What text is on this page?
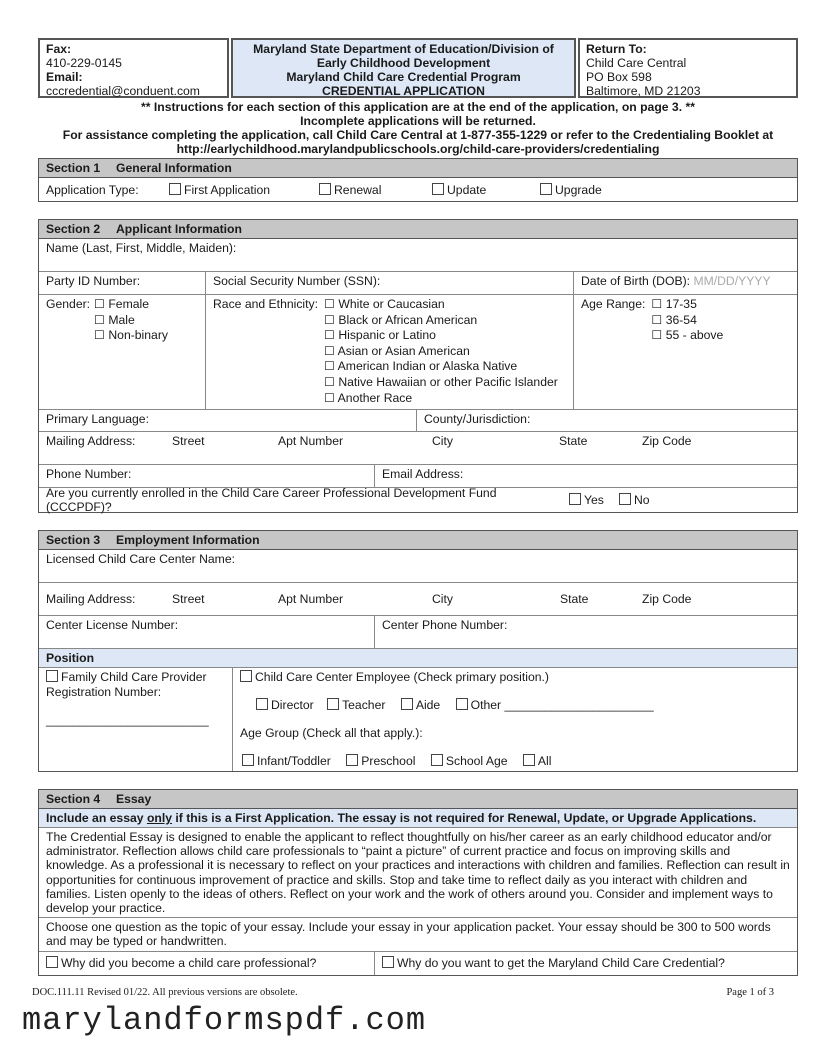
Fax:
410-229-0145
Email:
cccredential@conduent.com
Maryland State Department of Education/Division of
Early Childhood Development
Maryland Child Care Credential Program
CREDENTIAL APPLICATION
Return To:
Child Care Central
PO Box 598
Baltimore, MD 21203
** Instructions for each section of this application are at the end of the application, on page 3. **
Incomplete applications will be returned.
For assistance completing the application, call Child Care Central at 1-877-355-1229 or refer to the Credentialing Booklet at
http://earlychildhood.marylandpublicschools.org/child-care-providers/credentialing
Section 1 General Information
Application Type:	First Application	Renewal	Update	Upgrade
Section 2 Applicant Information
Name (Last, First, Middle, Maiden):
Party ID Number:	Social Security Number (SSN):	Date of Birth (DOB): MM/DD/YYYY
Gender: ☐ Female
☐ Male
☐ Non-binary
Race and Ethnicity: ☐ White or Caucasian
☐ Black or African American
☐ Hispanic or Latino
☐ Asian or Asian American
☐ American Indian or Alaska Native
☐ Native Hawaiian or other Pacific Islander
☐ Another Race
Age Range: ☐ 17-35
☐ 36-54
☐ 55 - above
Primary Language:	County/Jurisdiction:
Mailing Address:	Street	Apt Number	City	State	Zip Code
Phone Number:	Email Address:
Are you currently enrolled in the Child Care Career Professional Development Fund (CCCPDF)?	Yes	No
Section 3 Employment Information
Licensed Child Care Center Name:
Mailing Address:	Street	Apt Number	City	State	Zip Code
Center License Number:	Center Phone Number:
Position
Family Child Care Provider
Registration Number:
________________________
Child Care Center Employee (Check primary position.)
Director Teacher Aide Other ______________________
Age Group (Check all that apply.):
Infant/Toddler Preschool School Age All
Section 4 Essay
Include an essay only if this is a First Application. The essay is not required for Renewal, Update, or Upgrade Applications.
The Credential Essay is designed to enable the applicant to reflect thoughtfully on his/her career as an early childhood educator and/or administrator. Reflection allows child care professionals to “paint a picture” of current practice and focus on improving skills and knowledge. As a professional it is necessary to reflect on your practices and interactions with children and families. Reflection can result in opportunities for continuous improvement of practice and skills. Stop and take time to reflect daily as you interact with children and families. Listen openly to the ideas of others. Reflect on your work and the work of others around you. Consider and implement ways to develop your practice.
Choose one question as the topic of your essay. Include your essay in your application packet. Your essay should be 300 to 500 words and may be typed or handwritten.
Why did you become a child care professional?	Why do you want to get the Maryland Child Care Credential?
DOC.111.11 Revised 01/22. All previous versions are obsolete.	Page 1 of 3
marylandformspdf.com
